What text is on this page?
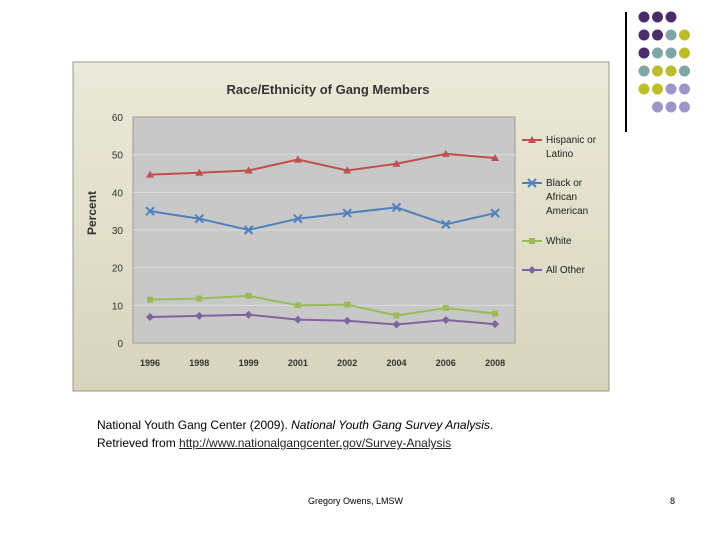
Race/Ethnicity of Gang Members
Percent
0
10
20
30
40
50
60
1996	1998	1999	2001	2002	2004	2006	2008
Hispanic or
Latino
Black or
African
American
White
All Other
National Youth Gang Center (2009). National Youth Gang Survey Analysis.
Retrieved from http://www.nationalgangcenter.gov/Survey-Analysis
Gregory Owens, LMSW	8
